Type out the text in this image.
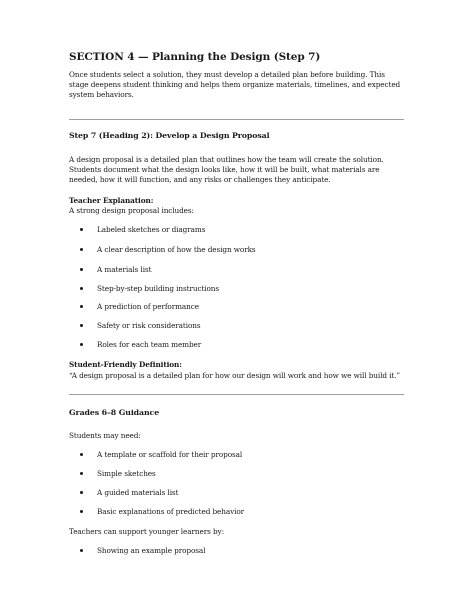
SECTION 4 — Planning the Design (Step 7)
Once students select a solution, they must develop a detailed plan before building. This
stage deepens student thinking and helps them organize materials, timelines, and expected
system behaviors.
Step 7 (Heading 2): Develop a Design Proposal
A design proposal is a detailed plan that outlines how the team will create the solution.
Students document what the design looks like, how it will be built, what materials are
needed, how it will function, and any risks or challenges they anticipate.
Teacher Explanation:
A strong design proposal includes:
Labeled sketches or diagrams
A clear description of how the design works
A materials list
Step-by-step building instructions
A prediction of performance
Safety or risk considerations
Roles for each team member
Student-Friendly Definition:
“A design proposal is a detailed plan for how our design will work and how we will build it.”
Grades 6–8 Guidance
Students may need:
A template or scaffold for their proposal
Simple sketches
A guided materials list
Basic explanations of predicted behavior
Teachers can support younger learners by:
Showing an example proposal
